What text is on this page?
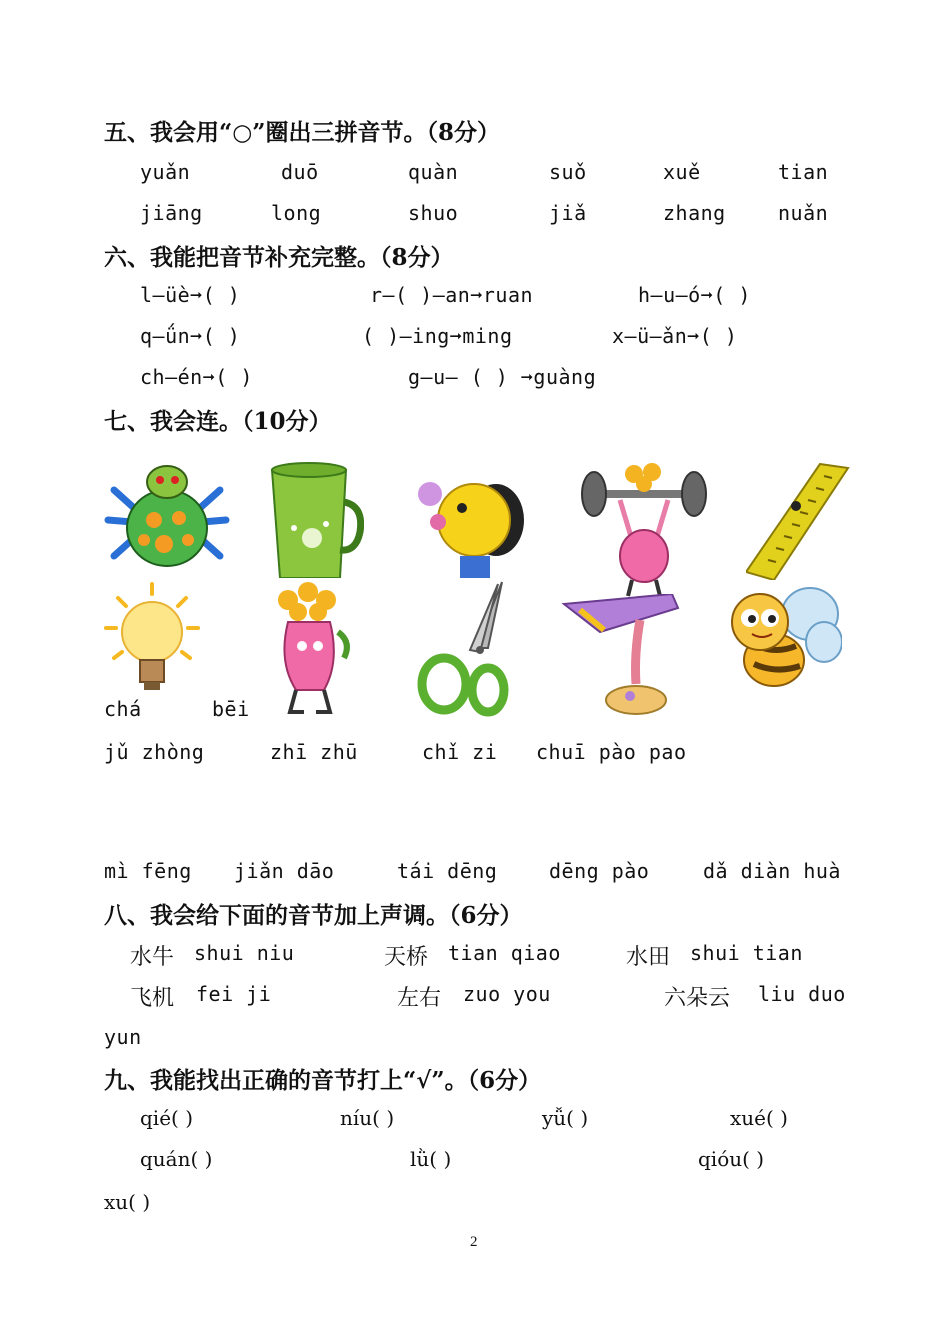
五、我会用“○”圈出三拼音节。（8分）
yuǎn	duō	quàn	suǒ	xuě	tian
jiāng	long	shuo	jiǎ	zhang	nuǎn
六、我能把音节补充完整。（8分）
l—üè➞( )	r—( )—an➞ruan	h—u—ó➞( )
q—ǘn➞( )	( )—ing➞ming	x—ü—ǎn➞( )
ch—én➞( )	g—u— ( ) ➞guàng
七、我会连。（10分）
chá	bēi
jǔ zhòng	zhī zhū	chǐ zi chuī pào pao
mì fēng jiǎn dāo	tái dēng	dēng pào	dǎ diàn huà
八、我会给下面的音节加上声调。（6分）
水牛 shui niu	天桥 tian qiao	水田 shui tian
飞机 fei ji	左右 zuo you	六朵云 liu duo
yun
九、我能找出正确的音节打上“√”。（6分）
qié( )	níu( )	yǚ( )	xué( )
quán( )	lǜ( )	qióu( )
xu( )
2
